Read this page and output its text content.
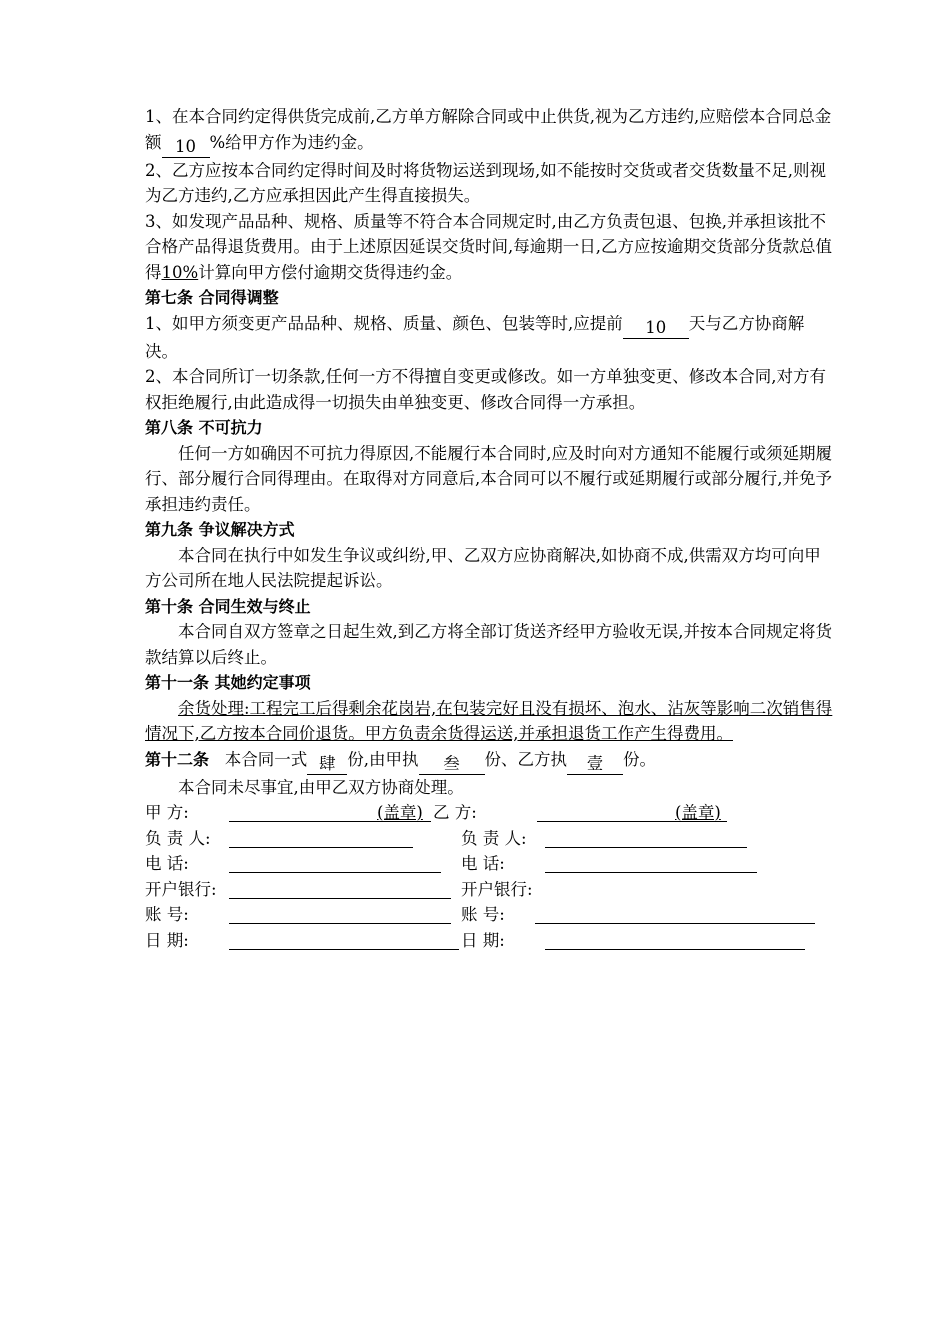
1、在本合同约定得供货完成前,乙方单方解除合同或中止供货,视为乙方违约,应赔偿本合同总金额 10 %给甲方作为违约金。

2、乙方应按本合同约定得时间及时将货物运送到现场,如不能按时交货或者交货数量不足,则视为乙方违约,乙方应承担因此产生得直接损失。

3、如发现产品品种、规格、质量等不符合本合同规定时,由乙方负责包退、包换,并承担该批不合格产品得退货费用。由于上述原因延误交货时间,每逾期一日,乙方应按逾期交货部分货款总值得10%计算向甲方偿付逾期交货得违约金。

第七条 合同得调整

1、如甲方须变更产品品种、规格、质量、颜色、包装等时,应提前 10 天与乙方协商解决。

2、本合同所订一切条款,任何一方不得擅自变更或修改。如一方单独变更、修改本合同,对方有权拒绝履行,由此造成得一切损失由单独变更、修改合同得一方承担。

第八条 不可抗力

任何一方如确因不可抗力得原因,不能履行本合同时,应及时向对方通知不能履行或须延期履行、部分履行合同得理由。在取得对方同意后,本合同可以不履行或延期履行或部分履行,并免予承担违约责任。

第九条 争议解决方式

本合同在执行中如发生争议或纠纷,甲、乙双方应协商解决,如协商不成,供需双方均可向甲方公司所在地人民法院提起诉讼。

第十条 合同生效与终止

本合同自双方签章之日起生效,到乙方将全部订货送齐经甲方验收无误,并按本合同规定将货款结算以后终止。

第十一条 其她约定事项

余货处理:工程完工后得剩余花岗岩,在包装完好且没有损坏、泡水、沾灰等影响二次销售得情况下,乙方按本合同价退货。甲方负责余货得运送,并承担退货工作产生得费用。

第十二条 本合同一式 肆 份,由甲执 叁 份、乙方执 壹 份。

本合同未尽事宜,由甲乙双方协商处理。

甲 方:	(盖章) 乙 方:	(盖章)
负 责 人:	负 责 人:
电 话:	电 话:
开户银行:	开户银行:
账 号:	账 号:
日 期:	日 期:
